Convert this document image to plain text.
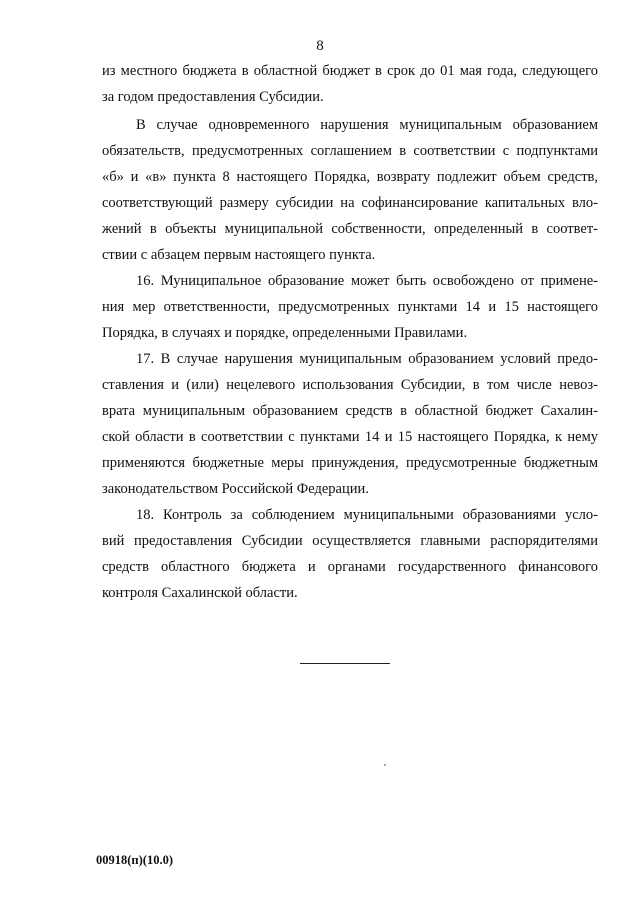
8
из местного бюджета в областной бюджет в срок до 01 мая года, следующего
за годом предоставления Субсидии.
В случае одновременного нарушения муниципальным образованием
обязательств, предусмотренных соглашением в соответствии с подпунктами
«б» и «в» пункта 8 настоящего Порядка, возврату подлежит объем средств,
соответствующий размеру субсидии на софинансирование капитальных вло-
жений в объекты муниципальной собственности, определенный в соответ-
ствии с абзацем первым настоящего пункта.
16. Муниципальное образование может быть освобождено от примене-
ния мер ответственности, предусмотренных пунктами 14 и 15 настоящего
Порядка, в случаях и порядке, определенными Правилами.
17. В случае нарушения муниципальным образованием условий предо-
ставления и (или) нецелевого использования Субсидии, в том числе невоз-
врата муниципальным образованием средств в областной бюджет Сахалин-
ской области в соответствии с пунктами 14 и 15 настоящего Порядка, к нему
применяются бюджетные меры принуждения, предусмотренные бюджетным
законодательством Российской Федерации.
18. Контроль за соблюдением муниципальными образованиями усло-
вий предоставления Субсидии осуществляется главными распорядителями
средств областного бюджета и органами государственного финансового
контроля Сахалинской области.
00918(п)(10.0)
